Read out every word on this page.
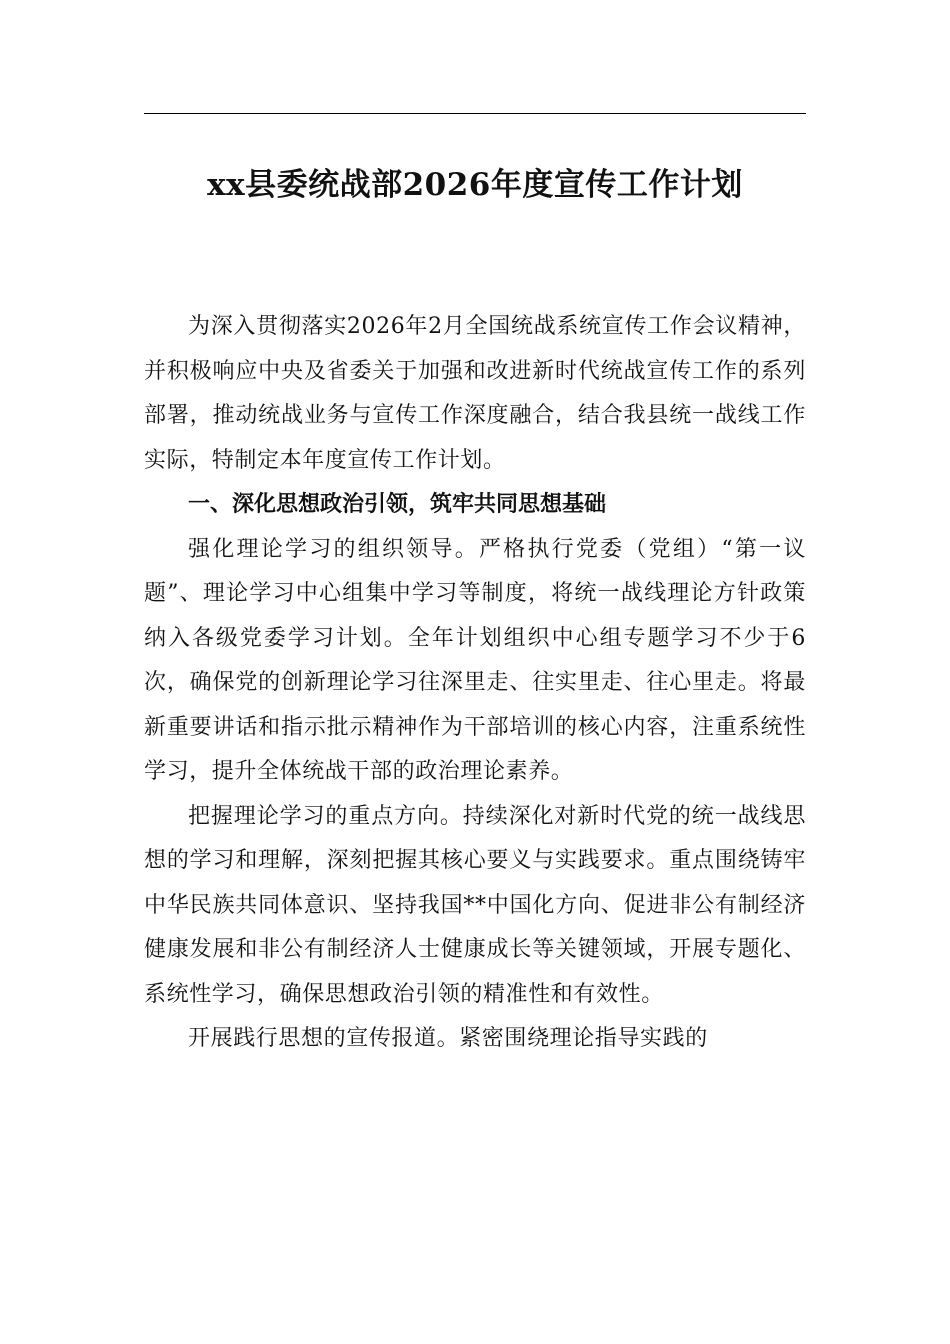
xx县委统战部2026年度宣传工作计划

为深入贯彻落实2026年2月全国统战系统宣传工作会议精神，并积极响应中央及省委关于加强和改进新时代统战宣传工作的系列部署，推动统战业务与宣传工作深度融合，结合我县统一战线工作实际，特制定本年度宣传工作计划。

一、深化思想政治引领，筑牢共同思想基础

强化理论学习的组织领导。严格执行党委（党组）“第一议题”、理论学习中心组集中学习等制度，将统一战线理论方针政策纳入各级党委学习计划。全年计划组织中心组专题学习不少于6次，确保党的创新理论学习往深里走、往实里走、往心里走。将最新重要讲话和指示批示精神作为干部培训的核心内容，注重系统性学习，提升全体统战干部的政治理论素养。

把握理论学习的重点方向。持续深化对新时代党的统一战线思想的学习和理解，深刻把握其核心要义与实践要求。重点围绕铸牢中华民族共同体意识、坚持我国**中国化方向、促进非公有制经济健康发展和非公有制经济人士健康成长等关键领域，开展专题化、系统性学习，确保思想政治引领的精准性和有效性。

开展践行思想的宣传报道。紧密围绕理论指导实践的
